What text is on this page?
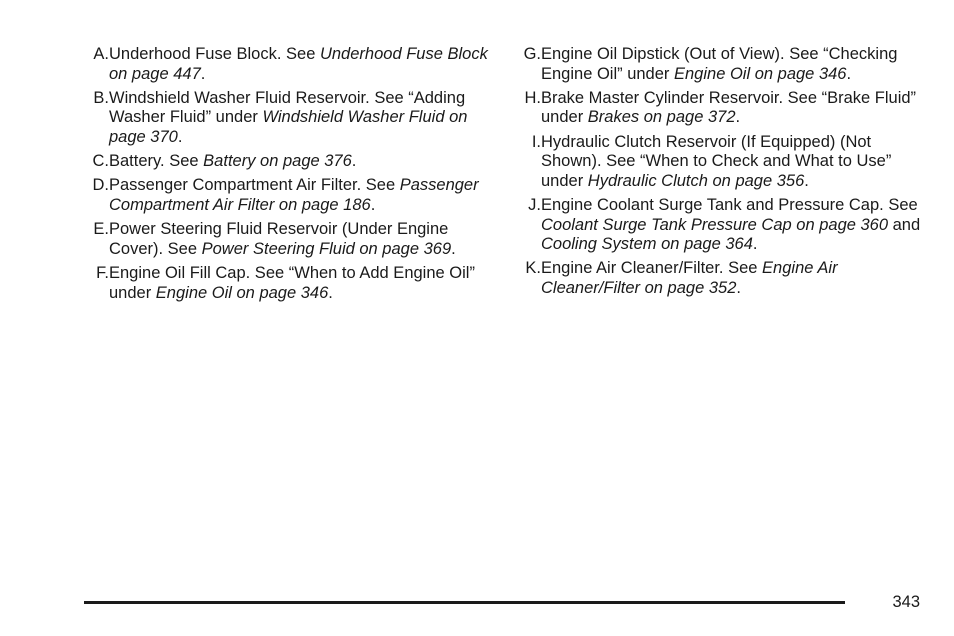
A. Underhood Fuse Block. See Underhood Fuse Block on page 447.
B. Windshield Washer Fluid Reservoir. See “Adding Washer Fluid” under Windshield Washer Fluid on page 370.
C. Battery. See Battery on page 376.
D. Passenger Compartment Air Filter. See Passenger Compartment Air Filter on page 186.
E. Power Steering Fluid Reservoir (Under Engine Cover). See Power Steering Fluid on page 369.
F. Engine Oil Fill Cap. See “When to Add Engine Oil” under Engine Oil on page 346.
G. Engine Oil Dipstick (Out of View). See “Checking Engine Oil” under Engine Oil on page 346.
H. Brake Master Cylinder Reservoir. See “Brake Fluid” under Brakes on page 372.
I. Hydraulic Clutch Reservoir (If Equipped) (Not Shown). See “When to Check and What to Use” under Hydraulic Clutch on page 356.
J. Engine Coolant Surge Tank and Pressure Cap. See Coolant Surge Tank Pressure Cap on page 360 and Cooling System on page 364.
K. Engine Air Cleaner/Filter. See Engine Air Cleaner/Filter on page 352.
343
